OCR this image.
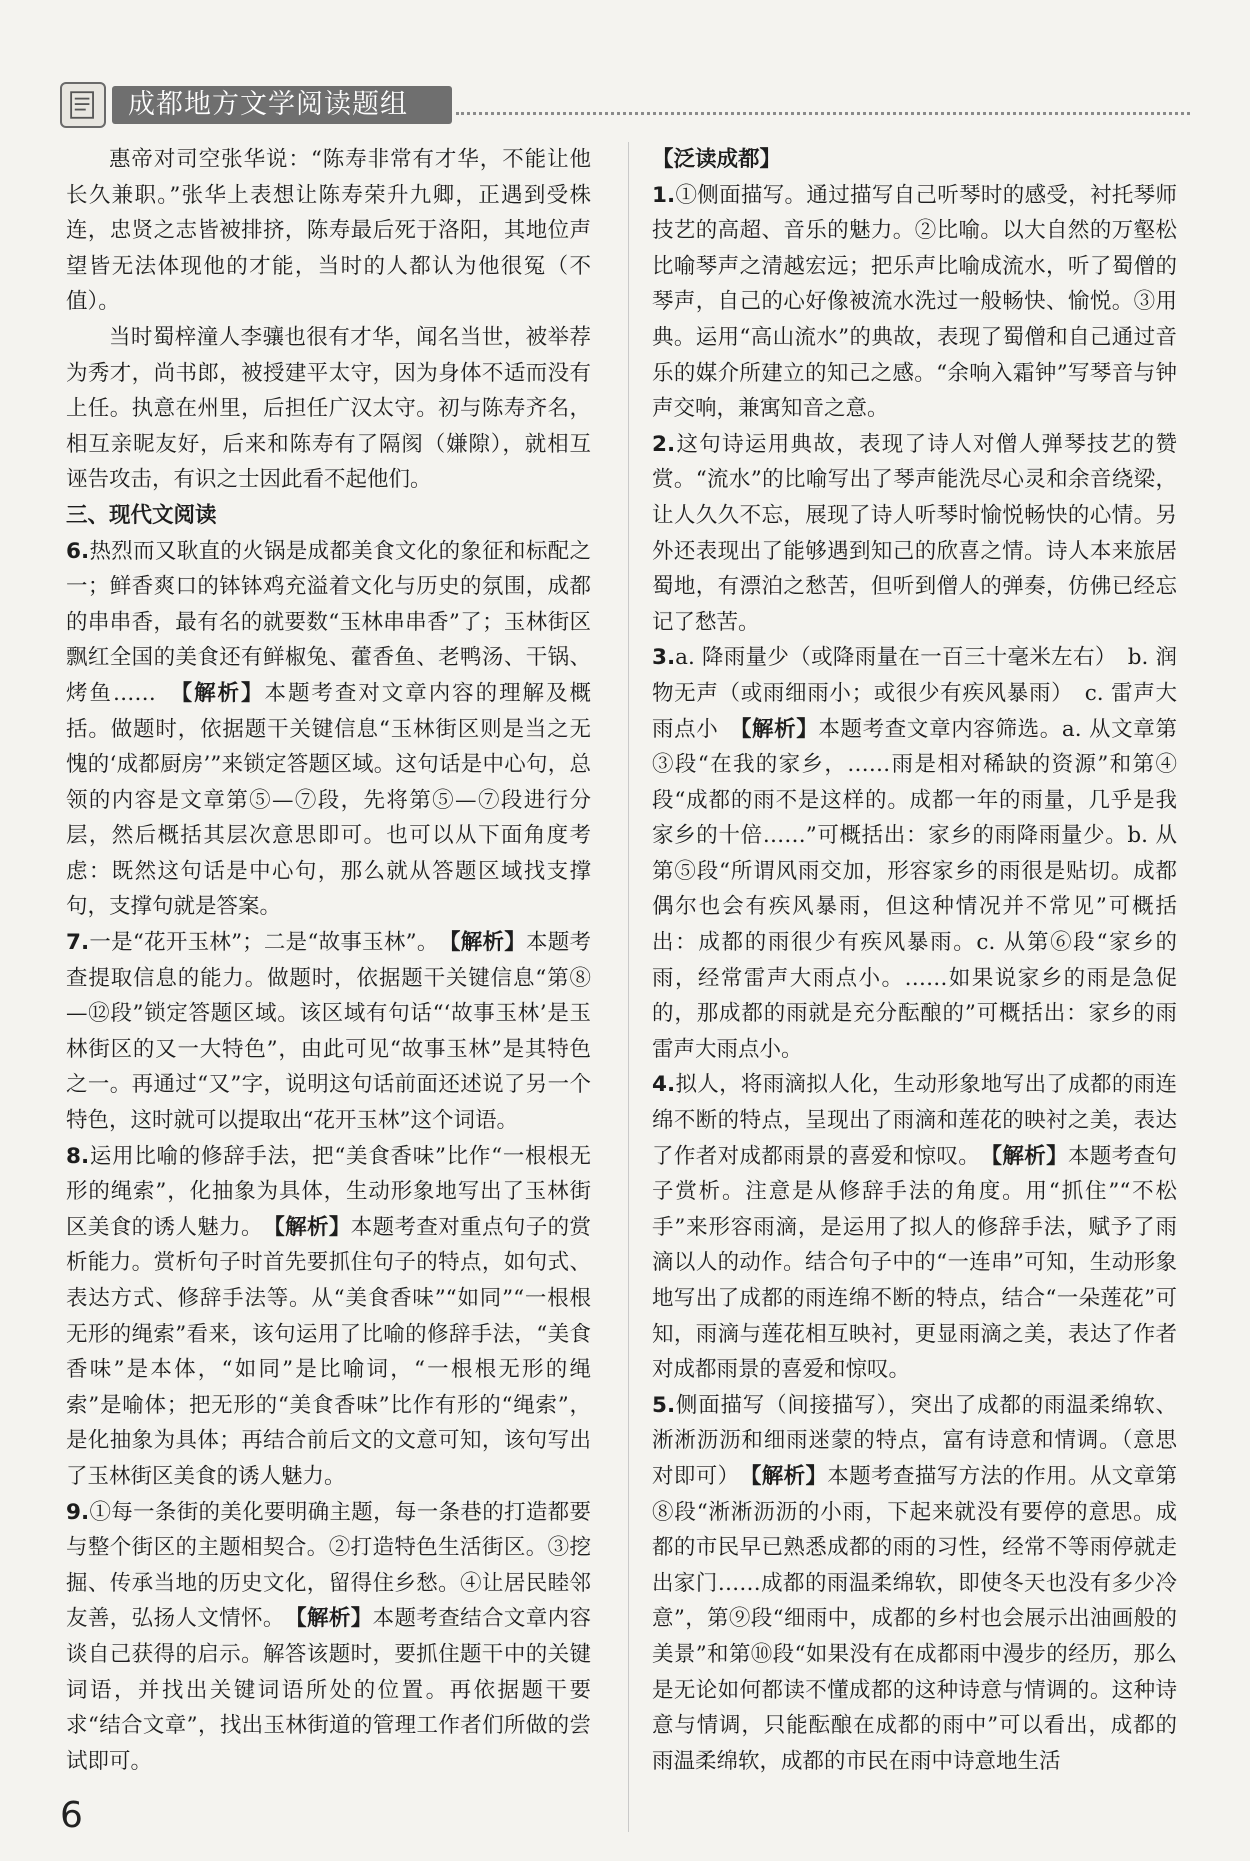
成都地方文学阅读题组

惠帝对司空张华说：“陈寿非常有才华，不能让他长久兼职。”张华上表想让陈寿荣升九卿，正遇到受株连，忠贤之志皆被排挤，陈寿最后死于洛阳，其地位声望皆无法体现他的才能，当时的人都认为他很冤（不值）。

当时蜀梓潼人李骧也很有才华，闻名当世，被举荐为秀才，尚书郎，被授建平太守，因为身体不适而没有上任。执意在州里，后担任广汉太守。初与陈寿齐名，相互亲昵友好，后来和陈寿有了隔阂（嫌隙），就相互诬告攻击，有识之士因此看不起他们。

三、现代文阅读

6.热烈而又耿直的火锅是成都美食文化的象征和标配之一；鲜香爽口的钵钵鸡充溢着文化与历史的氛围，成都的串串香，最有名的就要数“玉林串串香”了；玉林街区飘红全国的美食还有鲜椒兔、藿香鱼、老鸭汤、干锅、烤鱼……　 【解析】本题考查对文章内容的理解及概括。做题时，依据题干关键信息“玉林街区则是当之无愧的‘成都厨房’”来锁定答题区域。这句话是中心句，总领的内容是文章第⑤—⑦段，先将第⑤—⑦段进行分层，然后概括其层次意思即可。也可以从下面角度考虑：既然这句话是中心句，那么就从答题区域找支撑句，支撑句就是答案。

7.一是“花开玉林”；二是“故事玉林”。　 【解析】本题考查提取信息的能力。做题时，依据题干关键信息“第⑧—⑫段”锁定答题区域。该区域有句话“‘故事玉林’是玉林街区的又一大特色”，由此可见“故事玉林”是其特色之一。再通过“又”字，说明这句话前面还述说了另一个特色，这时就可以提取出“花开玉林”这个词语。

8.运用比喻的修辞手法，把“美食香味”比作“一根根无形的绳索”，化抽象为具体，生动形象地写出了玉林街区美食的诱人魅力。　 【解析】本题考查对重点句子的赏析能力。赏析句子时首先要抓住句子的特点，如句式、表达方式、修辞手法等。从“美食香味”“如同”“一根根无形的绳索”看来，该句运用了比喻的修辞手法，“美食香味”是本体，“如同”是比喻词，“一根根无形的绳索”是喻体；把无形的“美食香味”比作有形的“绳索”，是化抽象为具体；再结合前后文的文意可知，该句写出了玉林街区美食的诱人魅力。

9.①每一条街的美化要明确主题，每一条巷的打造都要与整个街区的主题相契合。②打造特色生活街区。③挖掘、传承当地的历史文化，留得住乡愁。④让居民睦邻友善，弘扬人文情怀。　 【解析】本题考查结合文章内容谈自己获得的启示。解答该题时，要抓住题干中的关键词语，并找出关键词语所处的位置。再依据题干要求“结合文章”，找出玉林街道的管理工作者们所做的尝试即可。

【泛读成都】

1.①侧面描写。通过描写自己听琴时的感受，衬托琴师技艺的高超、音乐的魅力。②比喻。以大自然的万壑松比喻琴声之清越宏远；把乐声比喻成流水，听了蜀僧的琴声，自己的心好像被流水洗过一般畅快、愉悦。③用典。运用“高山流水”的典故，表现了蜀僧和自己通过音乐的媒介所建立的知己之感。“余响入霜钟”写琴音与钟声交响，兼寓知音之意。

2.这句诗运用典故，表现了诗人对僧人弹琴技艺的赞赏。“流水”的比喻写出了琴声能洗尽心灵和余音绕梁，让人久久不忘，展现了诗人听琴时愉悦畅快的心情。另外还表现出了能够遇到知己的欣喜之情。诗人本来旅居蜀地，有漂泊之愁苦，但听到僧人的弹奏，仿佛已经忘记了愁苦。

3.a. 降雨量少（或降雨量在一百三十毫米左右）　b. 润物无声（或雨细雨小；或很少有疾风暴雨）　c. 雷声大雨点小　 【解析】本题考查文章内容筛选。a. 从文章第③段“在我的家乡，……雨是相对稀缺的资源”和第④段“成都的雨不是这样的。成都一年的雨量，几乎是我家乡的十倍……”可概括出：家乡的雨降雨量少。b. 从第⑤段“所谓风雨交加，形容家乡的雨很是贴切。成都偶尔也会有疾风暴雨，但这种情况并不常见”可概括出：成都的雨很少有疾风暴雨。c. 从第⑥段“家乡的雨，经常雷声大雨点小。……如果说家乡的雨是急促的，那成都的雨就是充分酝酿的”可概括出：家乡的雨雷声大雨点小。

4.拟人，将雨滴拟人化，生动形象地写出了成都的雨连绵不断的特点，呈现出了雨滴和莲花的映衬之美，表达了作者对成都雨景的喜爱和惊叹。　 【解析】本题考查句子赏析。注意是从修辞手法的角度。用“抓住”“不松手”来形容雨滴，是运用了拟人的修辞手法，赋予了雨滴以人的动作。结合句子中的“一连串”可知，生动形象地写出了成都的雨连绵不断的特点，结合“一朵莲花”可知，雨滴与莲花相互映衬，更显雨滴之美，表达了作者对成都雨景的喜爱和惊叹。

5.侧面描写（间接描写），突出了成都的雨温柔绵软、淅淅沥沥和细雨迷蒙的特点，富有诗意和情调。（意思对即可）　 【解析】本题考查描写方法的作用。从文章第⑧段“淅淅沥沥的小雨，下起来就没有要停的意思。成都的市民早已熟悉成都的雨的习性，经常不等雨停就走出家门……成都的雨温柔绵软，即使冬天也没有多少冷意”，第⑨段“细雨中，成都的乡村也会展示出油画般的美景”和第⑩段“如果没有在成都雨中漫步的经历，那么是无论如何都读不懂成都的这种诗意与情调的。这种诗意与情调，只能酝酿在成都的雨中”可以看出，成都的雨温柔绵软，成都的市民在雨中诗意地生活

6
